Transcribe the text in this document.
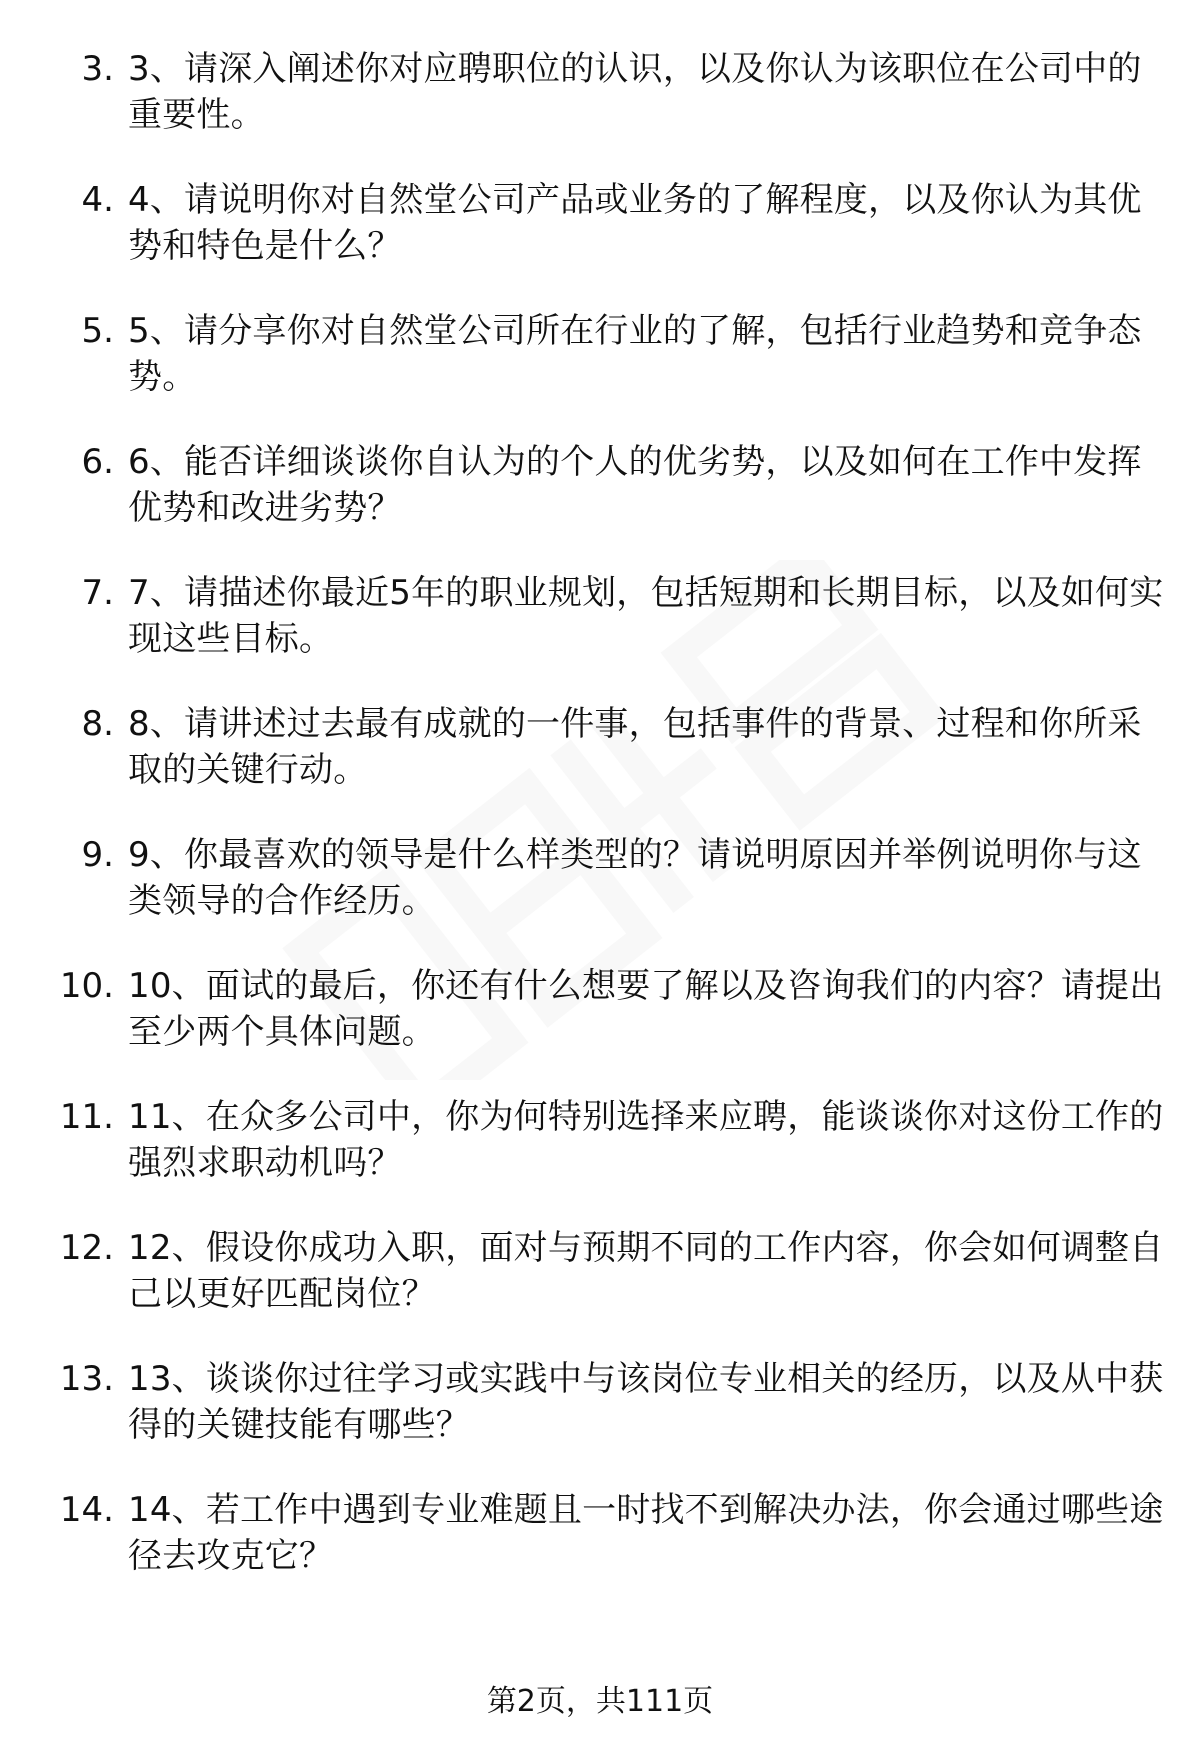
3. 3、请深入阐述你对应聘职位的认识，以及你认为该职位在公司中的重要性。
4. 4、请说明你对自然堂公司产品或业务的了解程度，以及你认为其优势和特色是什么？
5. 5、请分享你对自然堂公司所在行业的了解，包括行业趋势和竞争态势。
6. 6、能否详细谈谈你自认为的个人的优劣势，以及如何在工作中发挥优势和改进劣势？
7. 7、请描述你最近5年的职业规划，包括短期和长期目标，以及如何实现这些目标。
8. 8、请讲述过去最有成就的一件事，包括事件的背景、过程和你所采取的关键行动。
9. 9、你最喜欢的领导是什么样类型的？请说明原因并举例说明你与这类领导的合作经历。
10. 10、面试的最后，你还有什么想要了解以及咨询我们的内容？请提出至少两个具体问题。
11. 11、在众多公司中，你为何特别选择来应聘，能谈谈你对这份工作的强烈求职动机吗？
12. 12、假设你成功入职，面对与预期不同的工作内容，你会如何调整自己以更好匹配岗位？
13. 13、谈谈你过往学习或实践中与该岗位专业相关的经历，以及从中获得的关键技能有哪些？
14. 14、若工作中遇到专业难题且一时找不到解决办法，你会通过哪些途径去攻克它？
第2页，共111页
